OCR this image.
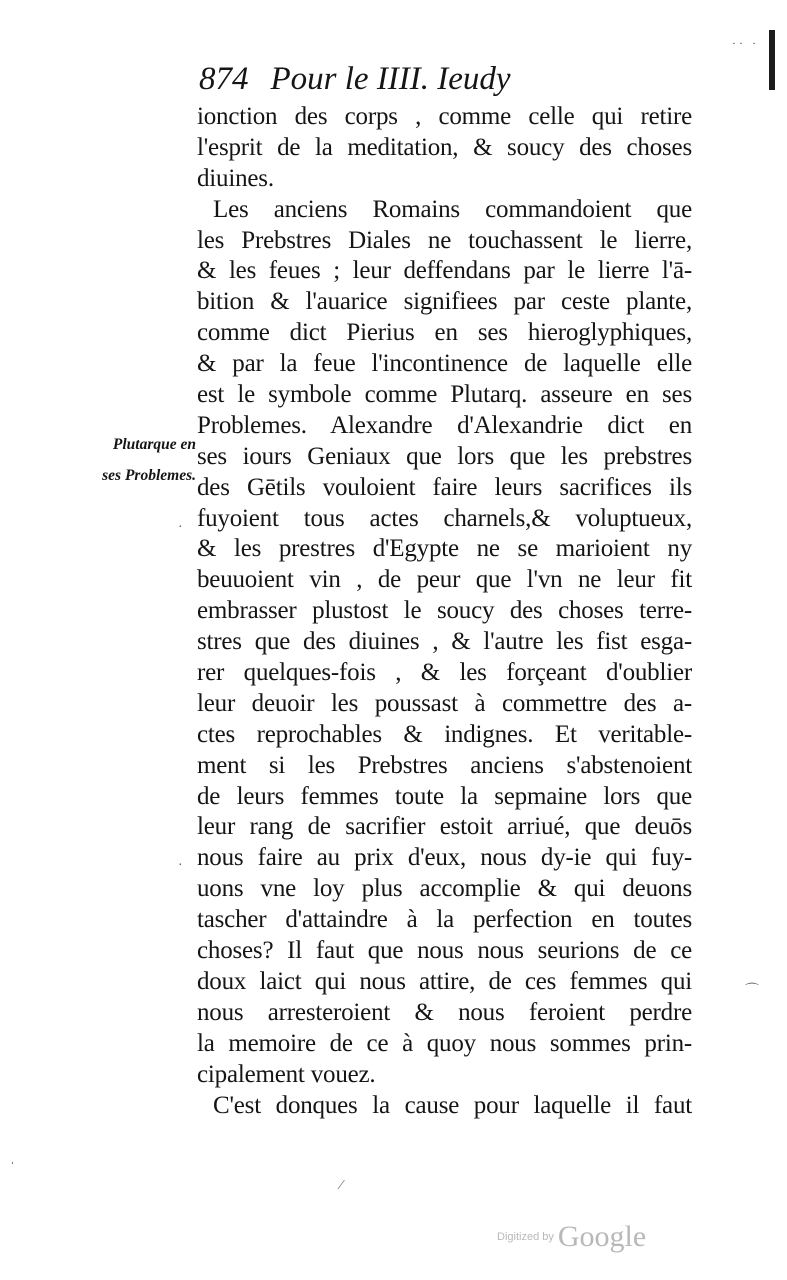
·· ·
874 Pour le IIII. Ieudy
ionction des corps , comme celle qui retire
l'esprit de la meditation, & soucy des choses
diuines.
Les anciens Romains commandoient que
les Prebstres Diales ne touchassent le lierre,
& les feues ; leur deffendans par le lierre l'ā-
bition & l'auarice signifiees par ceste plante,
comme dict Pierius en ses hieroglyphiques,
& par la feue l'incontinence de laquelle elle
est le symbole comme Plutarq. asseure en ses
Problemes. Alexandre d'Alexandrie dict en
ses iours Geniaux que lors que les prebstres
des Gētils vouloient faire leurs sacrifices ils
fuyoient tous actes charnels,& voluptueux,
& les prestres d'Egypte ne se marioient ny
beuuoient vin , de peur que l'vn ne leur fit
embrasser plustost le soucy des choses terre-
stres que des diuines , & l'autre les fist esga-
rer quelques-fois , & les forçeant d'oublier
leur deuoir les poussast à commettre des a-
ctes reprochables & indignes. Et veritable-
ment si les Prebstres anciens s'abstenoient
de leurs femmes toute la sepmaine lors que
leur rang de sacrifier estoit arriué, que deuōs
nous faire au prix d'eux, nous dy-ie qui fuy-
uons vne loy plus accomplie & qui deuons
tascher d'attaindre à la perfection en toutes
choses? Il faut que nous nous seurions de ce
doux laict qui nous attire, de ces femmes qui
nous arresteroient & nous feroient perdre
la memoire de ce à quoy nous sommes prin-
cipalement vouez.
C'est donques la cause pour laquelle il faut
Plutarque en
ses Problemes.
·
·
⌒
⁄
ˌ
Digitized by Google
